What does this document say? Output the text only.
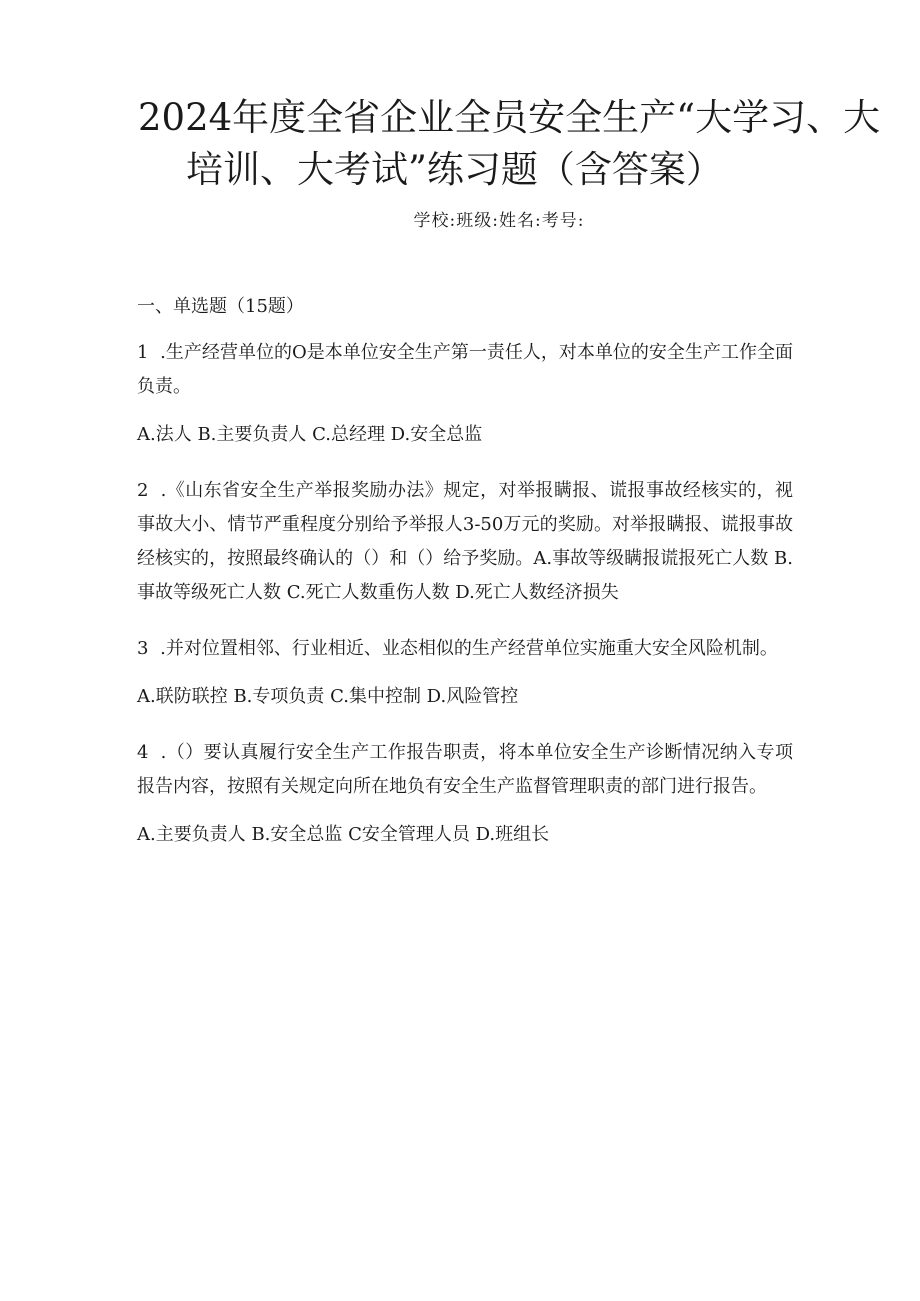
2024年度全省企业全员安全生产“大学习、大
培训、大考试”练习题（含答案）
学校:班级:姓名:考号:

一、单选题（15题）

1 .生产经营单位的O是本单位安全生产第一责任人，对本单位的安全生产工作全面负责。

A.法人 B.主要负责人 C.总经理 D.安全总监

2 .《山东省安全生产举报奖励办法》规定，对举报瞒报、谎报事故经核实的，视事故大小、情节严重程度分别给予举报人3-50万元的奖励。对举报瞒报、谎报事故经核实的，按照最终确认的（）和（）给予奖励。A.事故等级瞒报谎报死亡人数 B.事故等级死亡人数 C.死亡人数重伤人数 D.死亡人数经济损失

3 .并对位置相邻、行业相近、业态相似的生产经营单位实施重大安全风险机制。

A.联防联控 B.专项负责 C.集中控制 D.风险管控

4 .（）要认真履行安全生产工作报告职责，将本单位安全生产诊断情况纳入专项报告内容，按照有关规定向所在地负有安全生产监督管理职责的部门进行报告。

A.主要负责人 B.安全总监 C安全管理人员 D.班组长
